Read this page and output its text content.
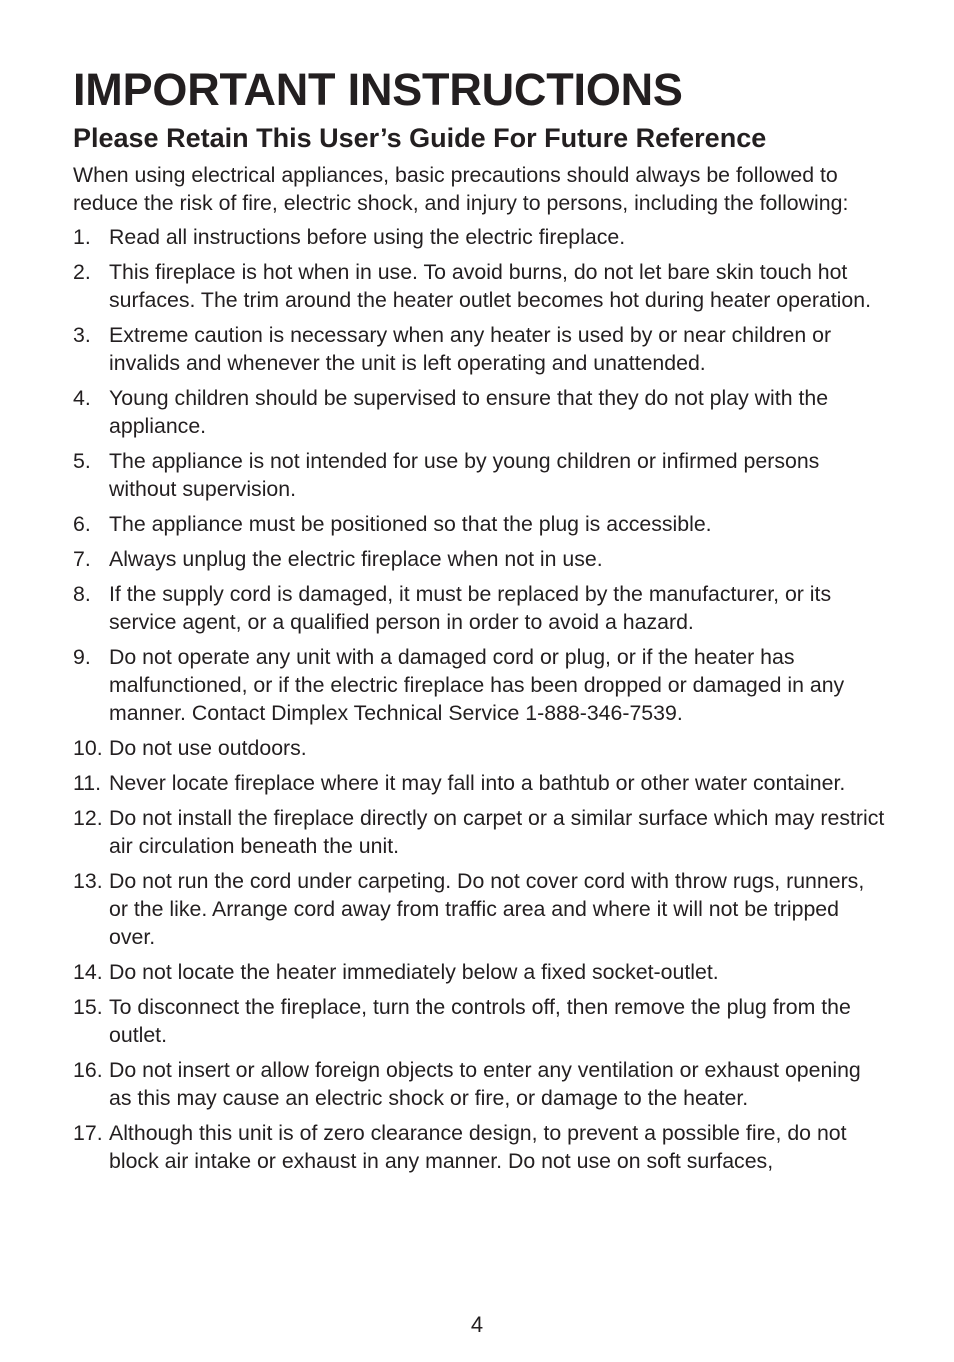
IMPORTANT INSTRUCTIONS
Please Retain This User’s Guide For Future Reference

When using electrical appliances, basic precautions should always be followed to reduce the risk of fire, electric shock, and injury to persons, including the following:

1. Read all instructions before using the electric fireplace.
2. This fireplace is hot when in use. To avoid burns, do not let bare skin touch hot surfaces. The trim around the heater outlet becomes hot during heater operation.
3. Extreme caution is necessary when any heater is used by or near children or invalids and whenever the unit is left operating and unattended.
4. Young children should be supervised to ensure that they do not play with the appliance.
5. The appliance is not intended for use by young children or infirmed persons without supervision.
6. The appliance must be positioned so that the plug is accessible.
7. Always unplug the electric fireplace when not in use.
8. If the supply cord is damaged, it must be replaced by the manufacturer, or its service agent, or a qualified person in order to avoid a hazard.
9. Do not operate any unit with a damaged cord or plug, or if the heater has malfunctioned, or if the electric fireplace has been dropped or damaged in any manner. Contact Dimplex Technical Service 1-888-346-7539.
10. Do not use outdoors.
11. Never locate fireplace where it may fall into a bathtub or other water container.
12. Do not install the fireplace directly on carpet or a similar surface which may restrict air circulation beneath the unit.
13. Do not run the cord under carpeting. Do not cover cord with throw rugs, runners, or the like. Arrange cord away from traffic area and where it will not be tripped over.
14. Do not locate the heater immediately below a fixed socket-outlet.
15. To disconnect the fireplace, turn the controls off, then remove the plug from the outlet.
16. Do not insert or allow foreign objects to enter any ventilation or exhaust opening as this may cause an electric shock or fire, or damage to the heater.
17. Although this unit is of zero clearance design, to prevent a possible fire, do not block air intake or exhaust in any manner. Do not use on soft surfaces,
4
